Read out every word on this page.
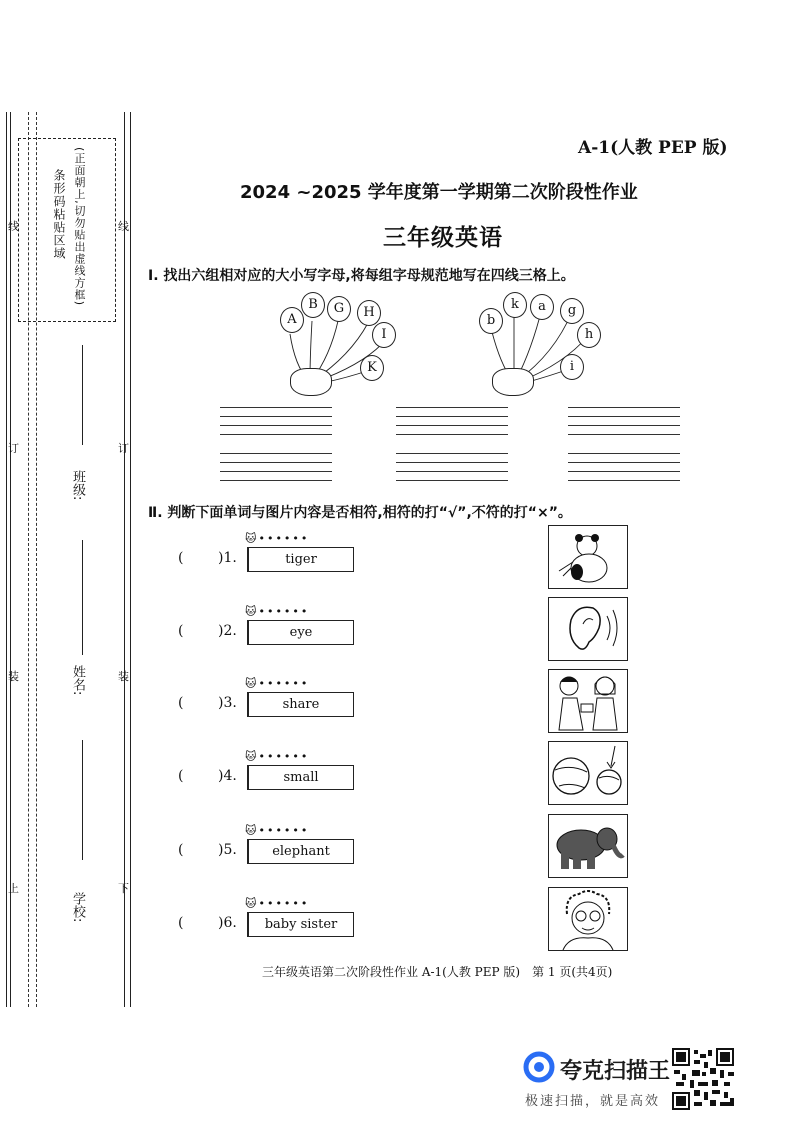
条形码粘贴区域 (正面朝上,切勿贴出虚线方框)
线
订
装
上
线
订
装
下
班级:
姓名:
学校:
A-1(人教 PEP 版)
2024 ~2025 学年度第一学期第二次阶段性作业
三年级英语
Ⅰ. 找出六组相对应的大小写字母,将每组字母规范地写在四线三格上。
A
B	G	H
I
K
b
k	a	g
h
i
Ⅱ. 判断下面单词与图片内容是否相符,相符的打“√”,不符的打“×”。
( )1.
🐱••••••
tiger
( )2.
🐱••••••
eye
( )3.
🐱••••••
share
( )4.
🐱••••••
small
( )5.
🐱••••••
elephant
( )6.
🐱••••••
baby sister
三年级英语第二次阶段性作业 A-1(人教 PEP 版)　第 1 页(共4页)
夸克扫描王
极速扫描，就是高效
